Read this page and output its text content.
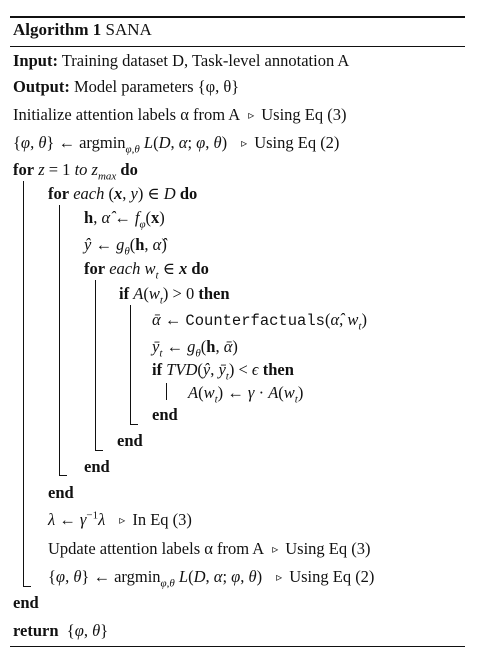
Algorithm 1 SANA
Input: Training dataset D, Task-level annotation A
Output: Model parameters {φ, θ}
Initialize attention labels α from A ▹ Using Eq (3)
{φ, θ} ← argmin$_{\varphi,\theta}$ L(D, α; φ, θ) ▹ Using Eq (2)
for z = 1 to $z_{max}$ do
for each (x, y) ∈ D do
h, α̂ ← $f_\varphi(x)$
ŷ ← $g_\theta(h$, α̂)
for each $w_t$ ∈ x do
if $A(w_t) > 0$ then
ᾱ ← Counterfactuals(α̂, $w_t$)
$ȳ_t$ ← $g_\theta(h$, ᾱ)
if TVD(ŷ, $ȳ_t) < \epsilon$ then
$A(w_t)$ ← $\gamma \cdot A(w_t)$
end
end
end
end
λ ← $\gamma^{-1}\lambda$ ▹ In Eq (3)
Update attention labels α from A ▹ Using Eq (3)
{φ, θ} ← argmin$_{\varphi,\theta}$ L(D, α; φ, θ) ▹ Using Eq (2)
end
return  {φ, θ}
